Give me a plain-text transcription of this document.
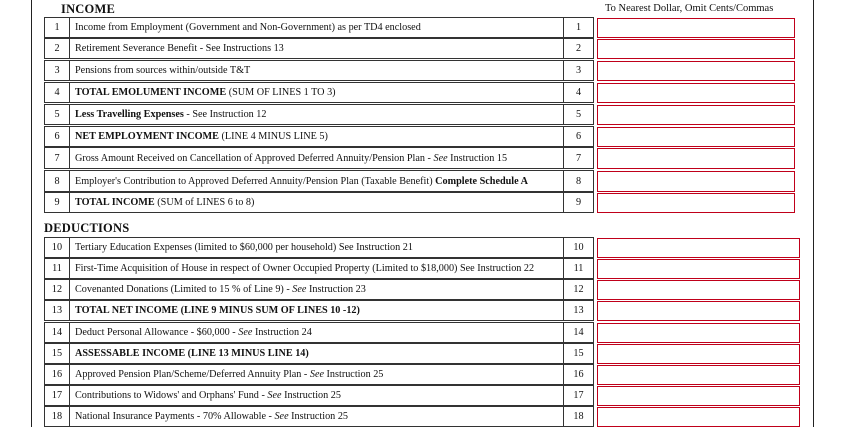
INCOME	To Nearest Dollar, Omit Cents/Commas
DEDUCTIONS
1	Income from Employment (Government and Non-Government) as per TD4 enclosed	1
2	Retirement Severance Benefit - See Instructions 13	2
3	Pensions from sources within/outside T&T	3
4	TOTAL EMOLUMENT INCOME (SUM OF LINES 1 TO 3)	4
5	Less Travelling Expenses - See Instruction 12	5
6	NET EMPLOYMENT INCOME (LINE 4 MINUS LINE 5)	6
7	Gross Amount Received on Cancellation of Approved Deferred Annuity/Pension Plan - See Instruction 15	7
8	Employer's Contribution to Approved Deferred Annuity/Pension Plan (Taxable Benefit) Complete Schedule A	8
9	TOTAL INCOME (SUM of LINES 6 to 8)	9
10	Tertiary Education Expenses (limited to $60,000 per household) See Instruction 21	10
11	First-Time Acquisition of House in respect of Owner Occupied Property (Limited to $18,000) See Instruction 22	11
12	Covenanted Donations (Limited to 15 % of Line 9) - See Instruction 23	12
13	TOTAL NET INCOME (LINE 9 MINUS SUM OF LINES 10 -12)	13
14	Deduct Personal Allowance - $60,000 - See Instruction 24	14
15	ASSESSABLE INCOME (LINE 13 MINUS LINE 14)	15
16	Approved Pension Plan/Scheme/Deferred Annuity Plan - See Instruction 25	16
17	Contributions to Widows' and Orphans' Fund - See Instruction 25	17
18	National Insurance Payments - 70% Allowable - See Instruction 25	18
